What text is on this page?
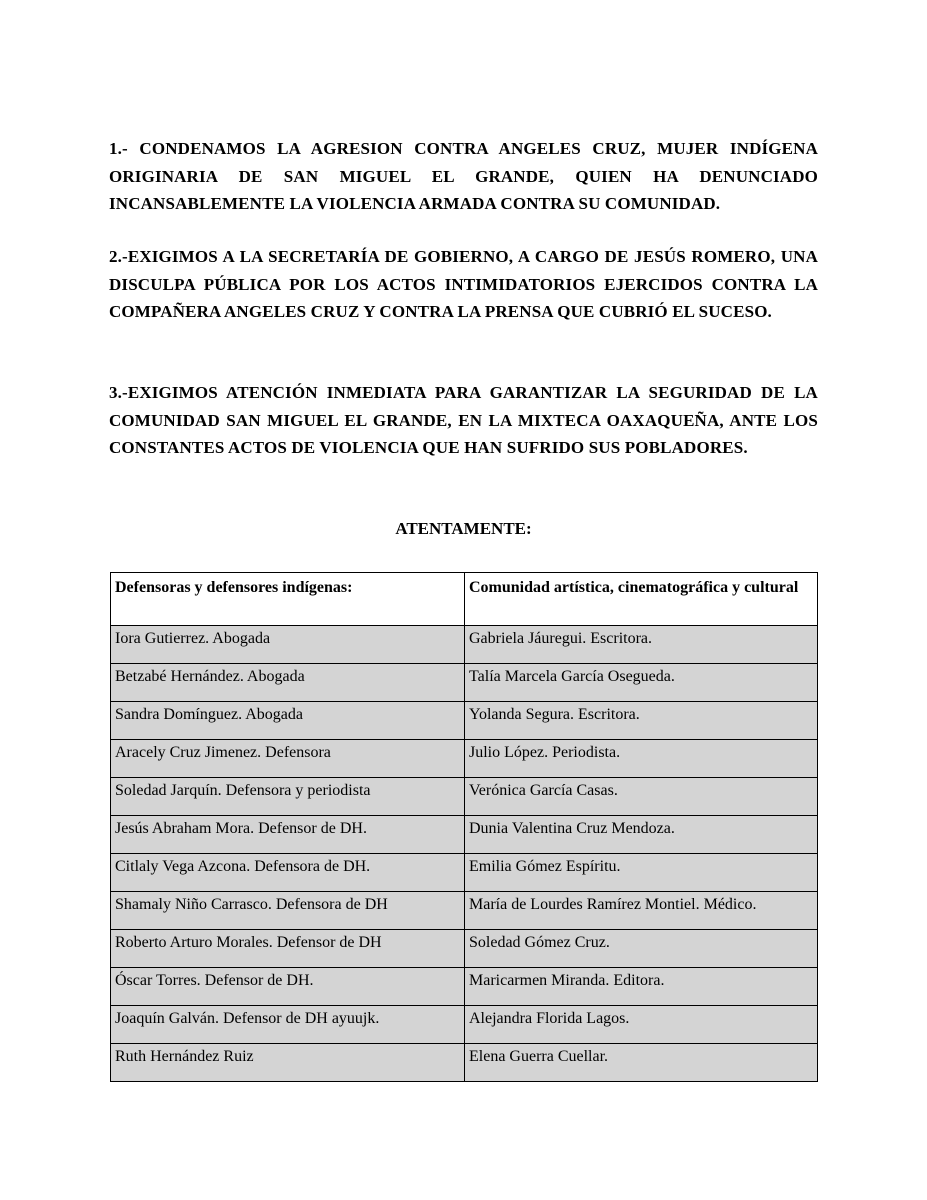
1.- CONDENAMOS LA AGRESION CONTRA ANGELES CRUZ, MUJER INDÍGENA ORIGINARIA DE SAN MIGUEL EL GRANDE, QUIEN HA DENUNCIADO INCANSABLEMENTE LA VIOLENCIA ARMADA CONTRA SU COMUNIDAD.

2.-EXIGIMOS A LA SECRETARÍA DE GOBIERNO, A CARGO DE JESÚS ROMERO, UNA DISCULPA PÚBLICA POR LOS ACTOS INTIMIDATORIOS EJERCIDOS CONTRA LA COMPAÑERA ANGELES CRUZ Y CONTRA LA PRENSA QUE CUBRIÓ EL SUCESO.

3.-EXIGIMOS ATENCIÓN INMEDIATA PARA GARANTIZAR LA SEGURIDAD DE LA COMUNIDAD SAN MIGUEL EL GRANDE, EN LA MIXTECA OAXAQUEÑA, ANTE LOS CONSTANTES ACTOS DE VIOLENCIA QUE HAN SUFRIDO SUS POBLADORES.

ATENTAMENTE:
Defensoras y defensores indígenas:	Comunidad artística, cinematográfica y cultural
Iora Gutierrez. Abogada	Gabriela Jáuregui. Escritora.
Betzabé Hernández. Abogada	Talía Marcela García Osegueda.
Sandra Domínguez. Abogada	Yolanda Segura. Escritora.
Aracely Cruz Jimenez. Defensora	Julio López. Periodista.
Soledad Jarquín. Defensora y periodista	Verónica García Casas.
Jesús Abraham Mora. Defensor de DH.	Dunia Valentina Cruz Mendoza.
Citlaly Vega Azcona. Defensora de DH.	Emilia Gómez Espíritu.
Shamaly Niño Carrasco. Defensora de DH	María de Lourdes Ramírez Montiel. Médico.
Roberto Arturo Morales. Defensor de DH	Soledad Gómez Cruz.
Óscar Torres. Defensor de DH.	Maricarmen Miranda. Editora.
Joaquín Galván. Defensor de DH ayuujk.	Alejandra Florida Lagos.
Ruth Hernández Ruiz	Elena Guerra Cuellar.
